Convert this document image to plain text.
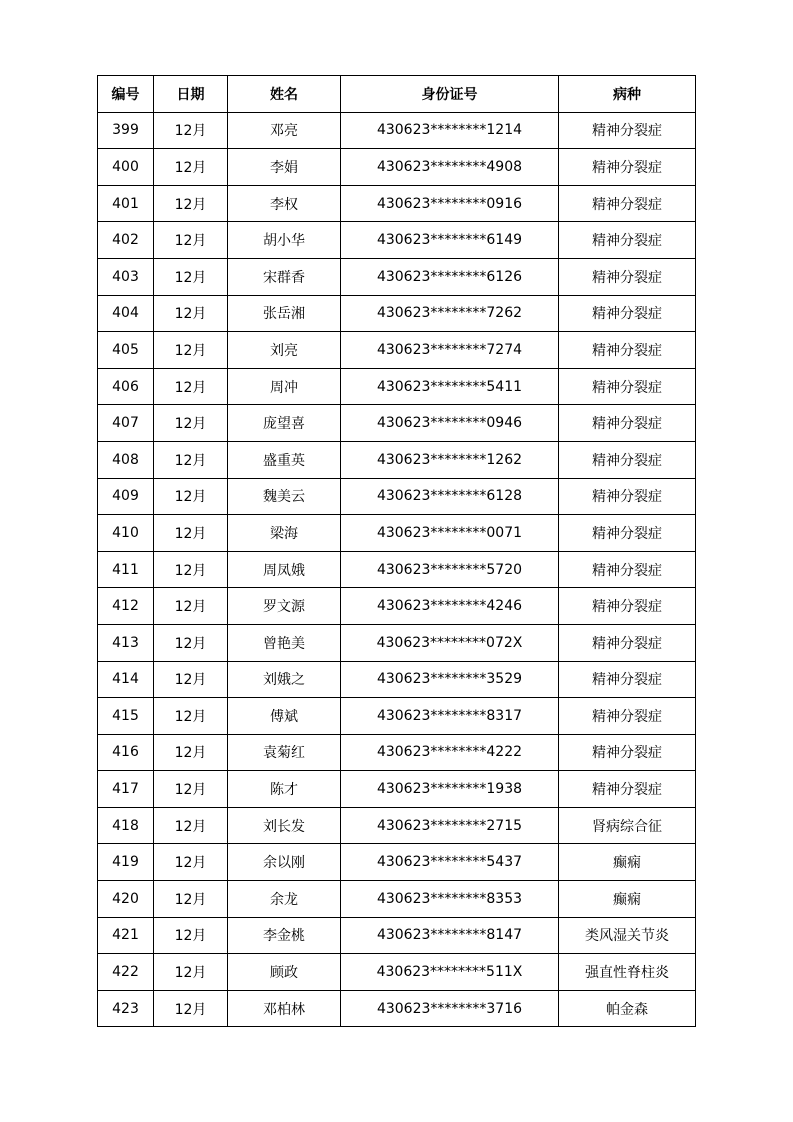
编号	日期	姓名	身份证号	病种
399	12月	邓亮	430623********1214	精神分裂症
400	12月	李娟	430623********4908	精神分裂症
401	12月	李权	430623********0916	精神分裂症
402	12月	胡小华	430623********6149	精神分裂症
403	12月	宋群香	430623********6126	精神分裂症
404	12月	张岳湘	430623********7262	精神分裂症
405	12月	刘亮	430623********7274	精神分裂症
406	12月	周冲	430623********5411	精神分裂症
407	12月	庞望喜	430623********0946	精神分裂症
408	12月	盛重英	430623********1262	精神分裂症
409	12月	魏美云	430623********6128	精神分裂症
410	12月	梁海	430623********0071	精神分裂症
411	12月	周凤娥	430623********5720	精神分裂症
412	12月	罗文源	430623********4246	精神分裂症
413	12月	曾艳美	430623********072X	精神分裂症
414	12月	刘娥之	430623********3529	精神分裂症
415	12月	傅斌	430623********8317	精神分裂症
416	12月	袁菊红	430623********4222	精神分裂症
417	12月	陈才	430623********1938	精神分裂症
418	12月	刘长发	430623********2715	肾病综合征
419	12月	余以刚	430623********5437	癫痫
420	12月	余龙	430623********8353	癫痫
421	12月	李金桃	430623********8147	类风湿关节炎
422	12月	顾政	430623********511X	强直性脊柱炎
423	12月	邓柏林	430623********3716	帕金森
